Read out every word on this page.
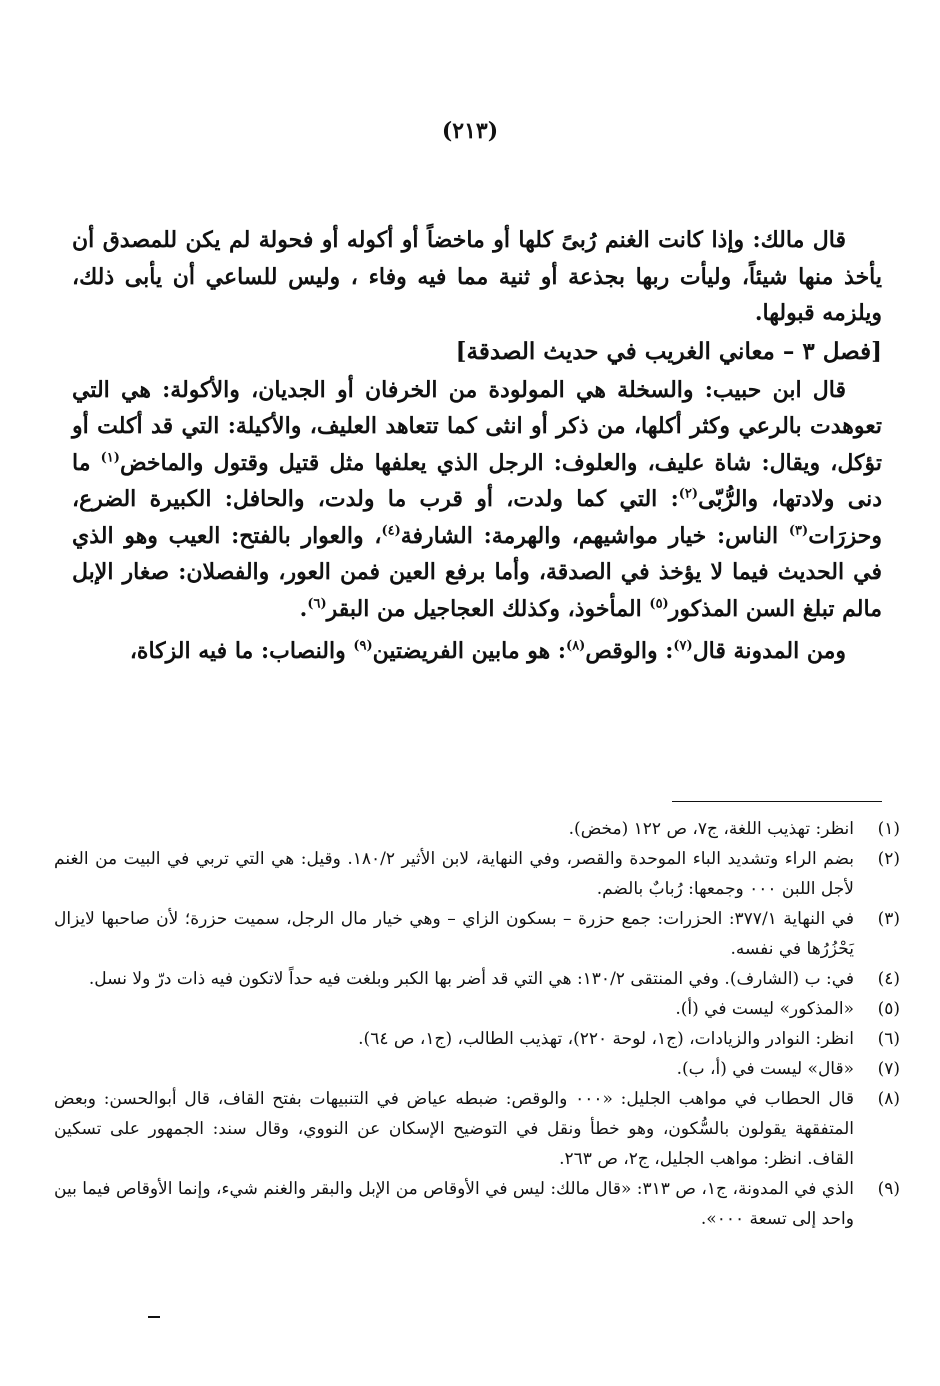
(٢١٣)

قال مالك: وإذا كانت الغنم رُبىً كلها أو ماخضاً أو أكوله أو فحولة لم يكن للمصدق أن يأخذ منها شيئاً، وليأت ربها بجذعة أو ثنية مما فيه وفاء ، وليس للساعي أن يأبى ذلك، ويلزمه قبولها.

[فصل ٣ – معاني الغريب في حديث الصدقة]

قال ابن حبيب: والسخلة هي المولودة من الخرفان أو الجديان، والأكولة: هي التي تعوهدت بالرعي وكثر أكلها، من ذكر أو انثى كما تتعاهد العليف، والأكيلة: التي قد أكلت أو تؤكل، ويقال: شاة عليف، والعلوف: الرجل الذي يعلفها مثل قتيل وقتول والماخض$^{(١)}$ ما دنى ولادتها، والرُّبّى$^{(٢)}$: التي كما ولدت، أو قرب ما ولدت، والحافل: الكبيرة الضرع، وحزرَات$^{(٣)}$ الناس: خيار مواشيهم، والهرمة: الشارفة$^{(٤)}$، والعوار بالفتح: العيب وهو الذي في الحديث فيما لا يؤخذ في الصدقة، وأما برفع العين فمن العور، والفصلان: صغار الإبل مالم تبلغ السن المذكور$^{(٥)}$ المأخوذ، وكذلك العجاجيل من البقر$^{(٦)}$.

ومن المدونة قال$^{(٧)}$: والوقص$^{(٨)}$: هو مابين الفريضتين$^{(٩)}$ والنصاب: ما فيه الزكاة،

(١)
انظر: تهذيب اللغة، ج٧، ص ١٢٢ (مخض).
(٢)
بضم الراء وتشديد الباء الموحدة والقصر، وفي النهاية، لابن الأثير ١٨٠/٢. وقيل: هي التي تربي في البيت من الغنم لأجل اللبن ٠٠٠ وجمعها: رُبابٌ بالضم.
(٣)
في النهاية ٣٧٧/١: الحزرات: جمع حزرة – بسكون الزاي – وهي خيار مال الرجل، سميت حزرة؛ لأن صاحبها لايزال يَحْزُرُها في نفسه.
(٤)
في: ب (الشارف). وفي المنتقى ١٣٠/٢: هي التي قد أضر بها الكبر وبلغت فيه حداً لاتكون فيه ذات درّ ولا نسل.
(٥)
«المذكور» ليست في (أ).
(٦)
انظر: النوادر والزيادات، (ج١، لوحة ٢٢٠)، تهذيب الطالب، (ج١، ص ٦٤).
(٧)
«قال» ليست في (أ، ب).
(٨)
قال الحطاب في مواهب الجليل: «٠٠٠ والوقص: ضبطه عياض في التنبيهات بفتح القاف، قال أبوالحسن: وبعض المتفقهة يقولون بالسُّكون، وهو خطأ ونقل في التوضيح الإسكان عن النووي، وقال سند: الجمهور على تسكين القاف. انظر: مواهب الجليل، ج٢، ص ٢٦٣.
(٩)
الذي في المدونة، ج١، ص ٣١٣: «قال مالك: ليس في الأوقاص من الإبل والبقر والغنم شيء، وإنما الأوقاص فيما بين واحد إلى تسعة ٠٠٠».
